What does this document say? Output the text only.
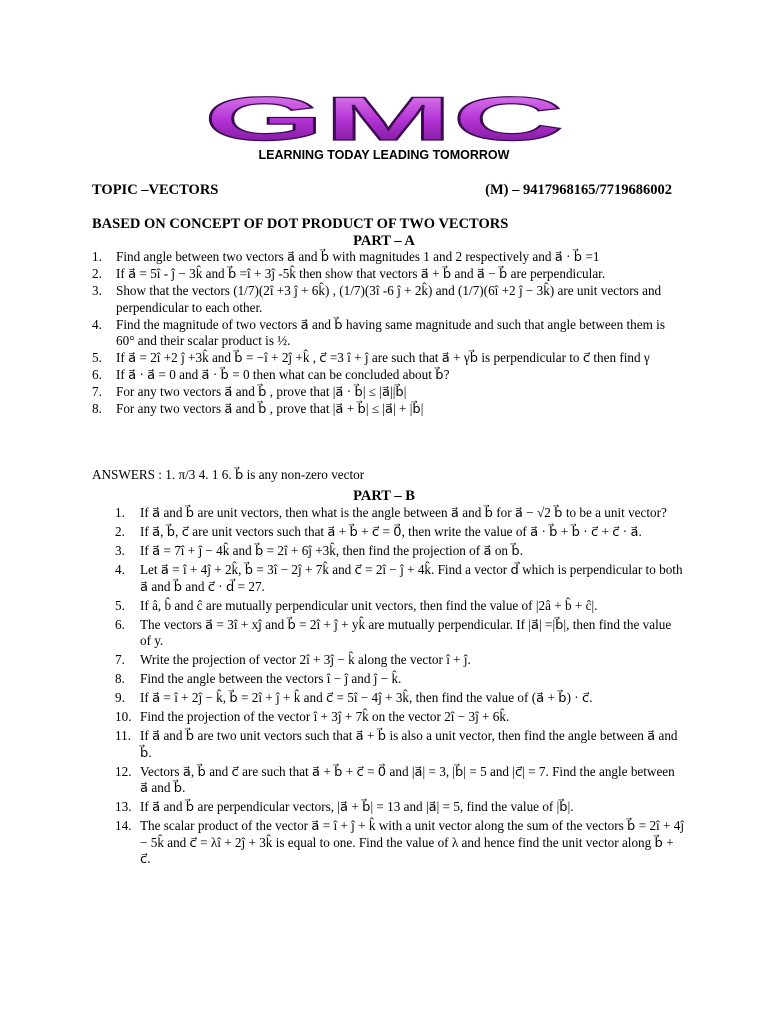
GMC
LEARNING TODAY LEADING TOMORROW
TOPIC –VECTORS	(M) – 9417968165/7719686002
BASED ON CONCEPT OF DOT PRODUCT OF TWO VECTORS
PART – A
1. Find angle between two vectors a⃗ and b⃗ with magnitudes 1 and 2 respectively and a⃗ · b⃗ =1
2. If a⃗ = 5î - ĵ − 3k̂ and b⃗ =î + 3ĵ -5k̂ then show that vectors a⃗ + b⃗ and a⃗ − b⃗ are perpendicular.
3. Show that the vectors (1/7)(2î +3 ĵ + 6k̂) , (1/7)(3î -6 ĵ + 2k̂) and (1/7)(6î +2 ĵ − 3k̂) are unit vectors and perpendicular to each other.
4. Find the magnitude of two vectors a⃗ and b⃗ having same magnitude and such that angle between them is 60° and their scalar product is ½.
5. If a⃗ = 2î +2 ĵ +3k̂ and b⃗ = −î + 2ĵ +k̂ , c⃗ =3 î + ĵ are such that a⃗ + γb⃗ is perpendicular to c⃗ then find γ
6. If a⃗ · a⃗ = 0 and a⃗ · b⃗ = 0 then what can be concluded about b⃗?
7. For any two vectors a⃗ and b⃗ , prove that |a⃗ · b⃗| ≤ |a⃗||b⃗|
8. For any two vectors a⃗ and b⃗ , prove that |a⃗ + b⃗| ≤ |a⃗| + |b⃗|
ANSWERS : 1. π/3 4. 1 6. b⃗ is any non-zero vector
PART – B
1. If a⃗ and b⃗ are unit vectors, then what is the angle between a⃗ and b⃗ for a⃗ − √2 b⃗ to be a unit vector?
2. If a⃗, b⃗, c⃗ are unit vectors such that a⃗ + b⃗ + c⃗ = 0⃗, then write the value of a⃗ · b⃗ + b⃗ · c⃗ + c⃗ · a⃗.
3. If a⃗ = 7î + ĵ − 4k̂ and b⃗ = 2î + 6ĵ +3k̂, then find the projection of a⃗ on b⃗.
4. Let a⃗ = î + 4ĵ + 2k̂, b⃗ = 3î − 2ĵ + 7k̂ and c⃗ = 2î − ĵ + 4k̂. Find a vector d⃗ which is perpendicular to both a⃗ and b⃗ and c⃗ · d⃗ = 27.
5. If â, b̂ and ĉ are mutually perpendicular unit vectors, then find the value of |2â + b̂ + ĉ|.
6. The vectors a⃗ = 3î + xĵ and b⃗ = 2î + ĵ + yk̂ are mutually perpendicular. If |a⃗| =|b⃗|, then find the value of y.
7. Write the projection of vector 2î + 3ĵ − k̂ along the vector î + ĵ.
8. Find the angle between the vectors î − ĵ and ĵ − k̂.
9. If a⃗ = î + 2ĵ − k̂, b⃗ = 2î + ĵ + k̂ and c⃗ = 5î − 4ĵ + 3k̂, then find the value of (a⃗ + b⃗) · c⃗.
10. Find the projection of the vector î + 3ĵ + 7k̂ on the vector 2î − 3ĵ + 6k̂.
11. If a⃗ and b⃗ are two unit vectors such that a⃗ + b⃗ is also a unit vector, then find the angle between a⃗ and b⃗.
12. Vectors a⃗, b⃗ and c⃗ are such that a⃗ + b⃗ + c⃗ = 0⃗ and |a⃗| = 3, |b⃗| = 5 and |c⃗| = 7. Find the angle between a⃗ and b⃗.
13. If a⃗ and b⃗ are perpendicular vectors, |a⃗ + b⃗| = 13 and |a⃗| = 5, find the value of |b⃗|.
14. The scalar product of the vector a⃗ = î + ĵ + k̂ with a unit vector along the sum of the vectors b⃗ = 2î + 4ĵ − 5k̂ and c⃗ = λî + 2ĵ + 3k̂ is equal to one. Find the value of λ and hence find the unit vector along b⃗ + c⃗.
